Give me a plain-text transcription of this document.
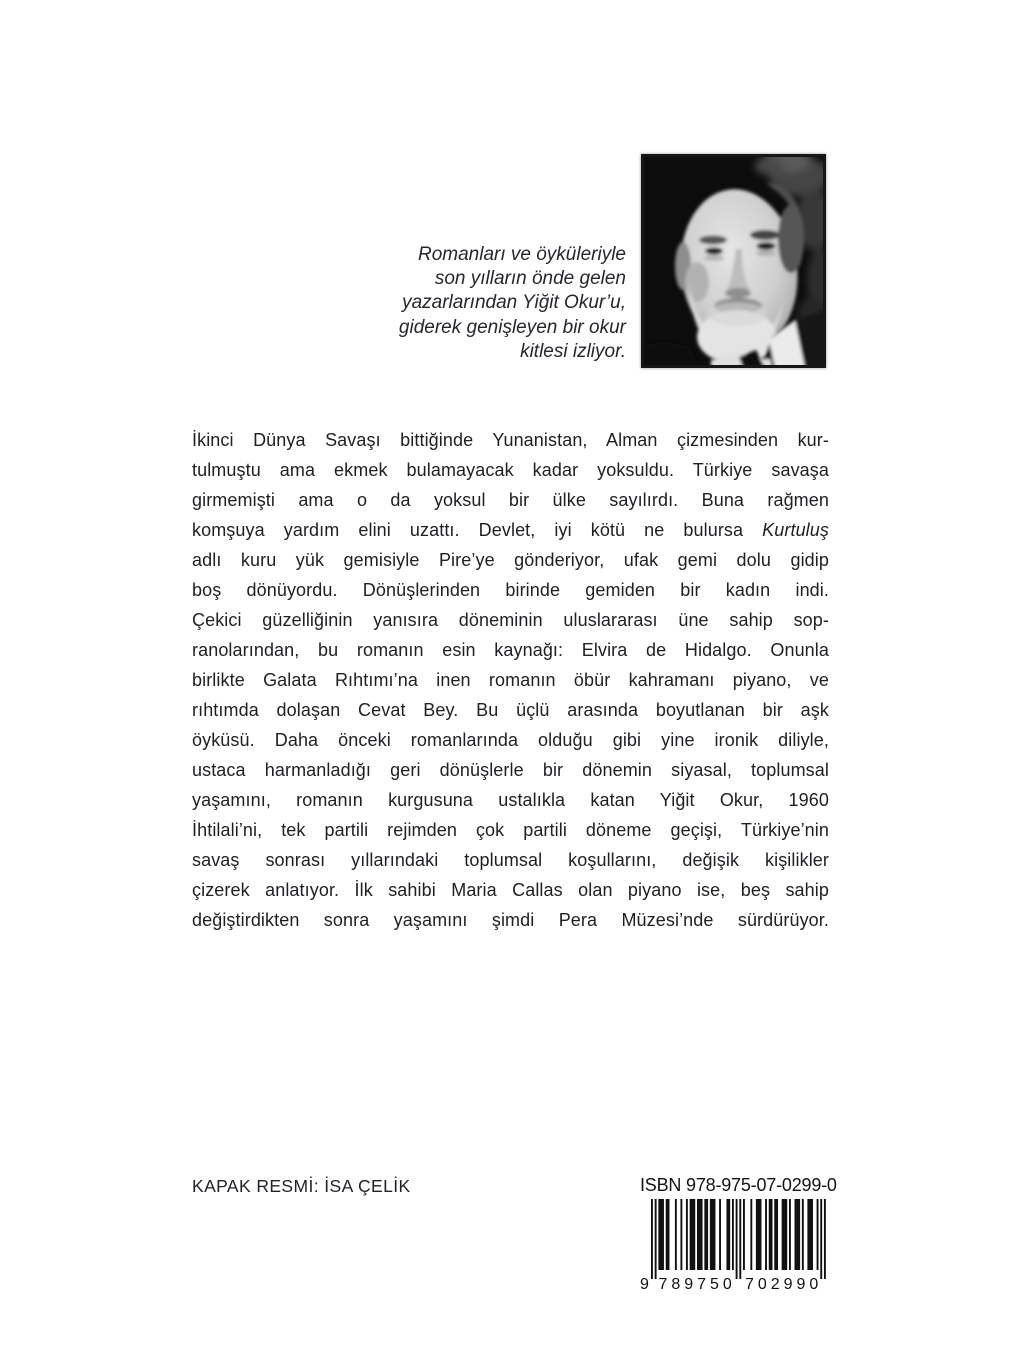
Romanları ve öyküleriyle
son yılların önde gelen
yazarlarından Yiğit Okur’u,
giderek genişleyen bir okur
kitlesi izliyor.
İkinci Dünya Savaşı bittiğinde Yunanistan, Alman çizmesinden kur-
tulmuştu ama ekmek bulamayacak kadar yoksuldu. Türkiye savaşa
girmemişti ama o da yoksul bir ülke sayılırdı. Buna rağmen
komşuya yardım elini uzattı. Devlet, iyi kötü ne bulursa Kurtuluş
adlı kuru yük gemisiyle Pire’ye gönderiyor, ufak gemi dolu gidip
boş dönüyordu. Dönüşlerinden birinde gemiden bir kadın indi.
Çekici güzelliğinin yanısıra döneminin uluslararası üne sahip sop-
ranolarından, bu romanın esin kaynağı: Elvira de Hidalgo. Onunla
birlikte Galata Rıhtımı’na inen romanın öbür kahramanı piyano, ve
rıhtımda dolaşan Cevat Bey. Bu üçlü arasında boyutlanan bir aşk
öyküsü. Daha önceki romanlarında olduğu gibi yine ironik diliyle,
ustaca harmanladığı geri dönüşlerle bir dönemin siyasal, toplumsal
yaşamını, romanın kurgusuna ustalıkla katan Yiğit Okur, 1960
İhtilali’ni, tek partili rejimden çok partili döneme geçişi, Türkiye’nin
savaş sonrası yıllarındaki toplumsal koşullarını, değişik kişilikler
çizerek anlatıyor. İlk sahibi Maria Callas olan piyano ise, beş sahip
değiştirdikten sonra yaşamını şimdi Pera Müzesi’nde sürdürüyor.
KAPAK RESMİ: İSA ÇELİK	ISBN 978-975-07-0299-0
9 7 8 9 7 5 0 7 0 2 9 9 0
